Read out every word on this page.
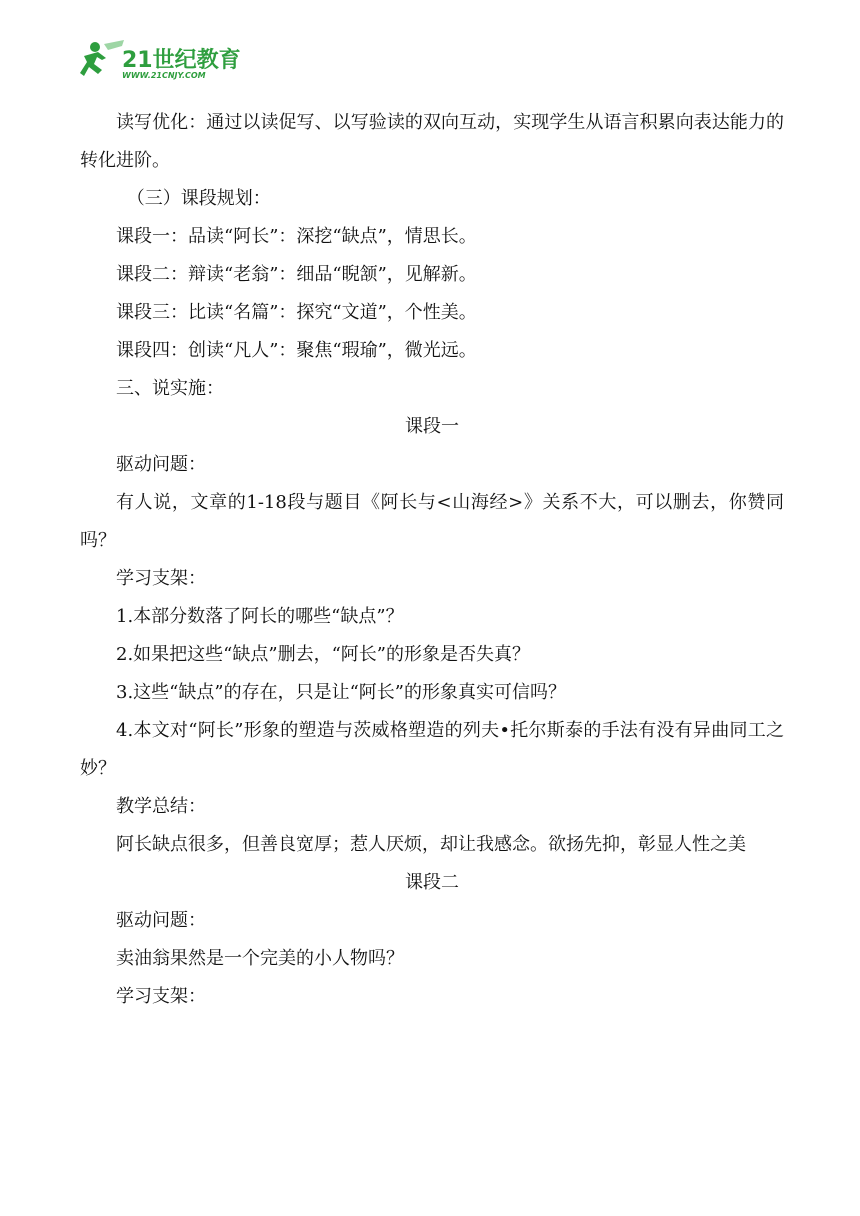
21世纪教育
WWW.21CNJY.COM

读写优化：通过以读促写、以写验读的双向互动，实现学生从语言积累向表达能力的转化进阶。

（三）课段规划：

课段一：品读“阿长”：深挖“缺点”，情思长。

课段二：辩读“老翁”：细品“睨颔”，见解新。

课段三：比读“名篇”：探究“文道”，个性美。

课段四：创读“凡人”：聚焦“瑕瑜”，微光远。

三、说实施：

课段一

驱动问题：

有人说，文章的1-18段与题目《阿长与<山海经>》关系不大，可以删去，你赞同吗？

学习支架：

1.本部分数落了阿长的哪些“缺点”？

2.如果把这些“缺点”删去，“阿长”的形象是否失真？

3.这些“缺点”的存在，只是让“阿长”的形象真实可信吗？

4.本文对“阿长”形象的塑造与茨威格塑造的列夫•托尔斯泰的手法有没有异曲同工之妙？

教学总结：

阿长缺点很多，但善良宽厚；惹人厌烦，却让我感念。欲扬先抑，彰显人性之美

课段二

驱动问题：

卖油翁果然是一个完美的小人物吗？

学习支架：
